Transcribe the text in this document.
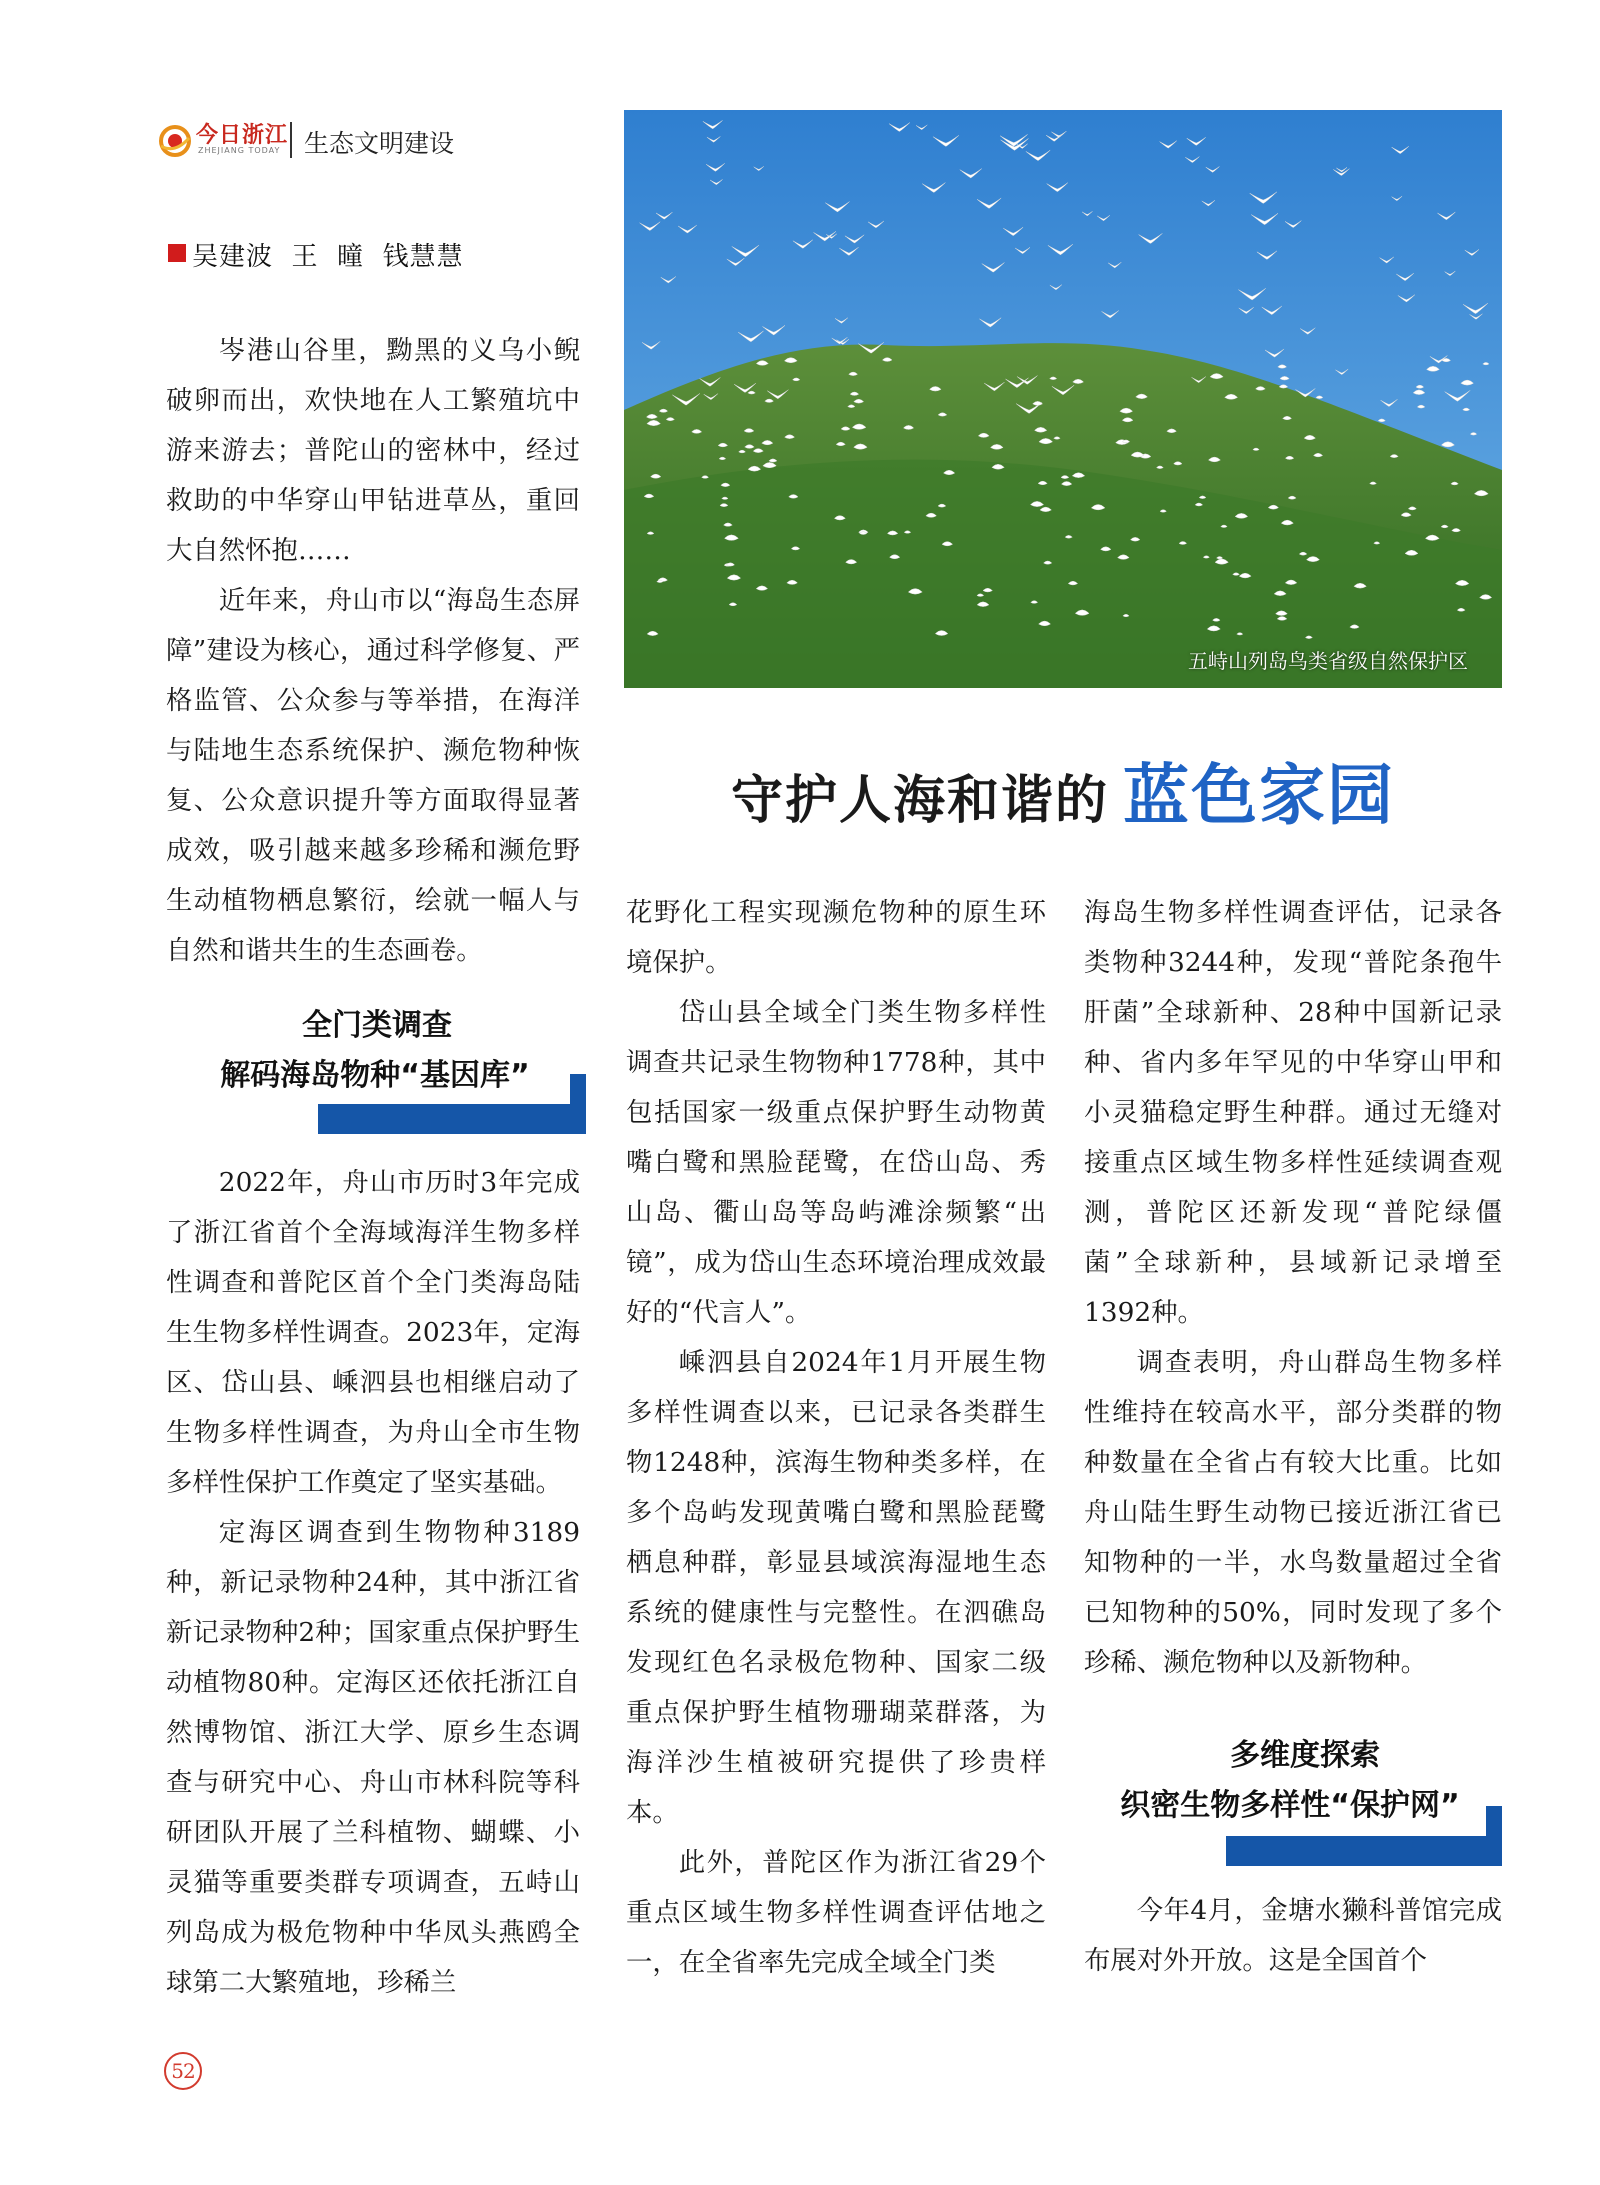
今日浙江
ZHEJIANG TODAY 生态文明建设
吴建波  王  曈  钱慧慧
五峙山列岛鸟类省级自然保护区
守护人海和谐的 蓝色家园

岑港山谷里，黝黑的义乌小鲵破卵而出，欢快地在人工繁殖坑中游来游去；普陀山的密林中，经过救助的中华穿山甲钻进草丛，重回大自然怀抱……

近年来，舟山市以“海岛生态屏障”建设为核心，通过科学修复、严格监管、公众参与等举措，在海洋与陆地生态系统保护、濒危物种恢复、公众意识提升等方面取得显著成效，吸引越来越多珍稀和濒危野生动植物栖息繁衍，绘就一幅人与自然和谐共生的生态画卷。

全门类调查
解码海岛物种“基因库”

2022年，舟山市历时3年完成了浙江省首个全海域海洋生物多样性调查和普陀区首个全门类海岛陆生生物多样性调查。2023年，定海区、岱山县、嵊泗县也相继启动了生物多样性调查，为舟山全市生物多样性保护工作奠定了坚实基础。

定海区调查到生物物种3189种，新记录物种24种，其中浙江省新记录物种2种；国家重点保护野生动植物80种。定海区还依托浙江自然博物馆、浙江大学、原乡生态调查与研究中心、舟山市林科院等科研团队开展了兰科植物、蝴蝶、小灵猫等重要类群专项调查，五峙山列岛成为极危物种中华凤头燕鸥全球第二大繁殖地，珍稀兰

花野化工程实现濒危物种的原生环境保护。

岱山县全域全门类生物多样性调查共记录生物物种1778种，其中包括国家一级重点保护野生动物黄嘴白鹭和黑脸琵鹭，在岱山岛、秀山岛、衢山岛等岛屿滩涂频繁“出镜”，成为岱山生态环境治理成效最好的“代言人”。

嵊泗县自2024年1月开展生物多样性调查以来，已记录各类群生物1248种，滨海生物种类多样，在多个岛屿发现黄嘴白鹭和黑脸琵鹭栖息种群，彰显县域滨海湿地生态系统的健康性与完整性。在泗礁岛发现红色名录极危物种、国家二级重点保护野生植物珊瑚菜群落，为海洋沙生植被研究提供了珍贵样本。

此外，普陀区作为浙江省29个重点区域生物多样性调查评估地之一，在全省率先完成全域全门类

海岛生物多样性调查评估，记录各类物种3244种，发现“普陀条孢牛肝菌”全球新种、28种中国新记录种、省内多年罕见的中华穿山甲和小灵猫稳定野生种群。通过无缝对接重点区域生物多样性延续调查观测，普陀区还新发现“普陀绿僵菌”全球新种，县域新记录增至1392种。

调查表明，舟山群岛生物多样性维持在较高水平，部分类群的物种数量在全省占有较大比重。比如舟山陆生野生动物已接近浙江省已知物种的一半，水鸟数量超过全省已知物种的50%，同时发现了多个珍稀、濒危物种以及新物种。

多维度探索
织密生物多样性“保护网”

今年4月，金塘水獭科普馆完成布展对外开放。这是全国首个

52
